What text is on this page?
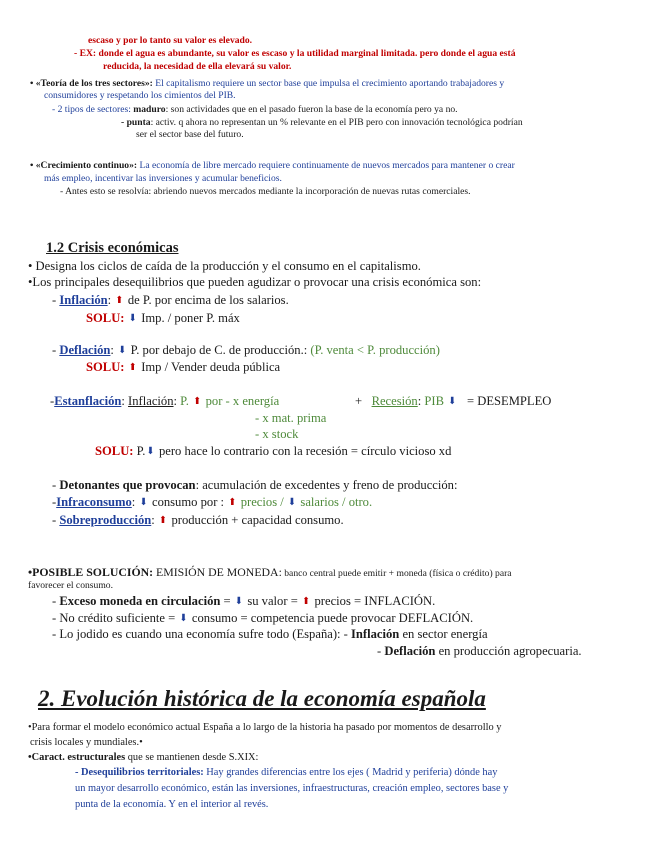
escaso y por lo tanto su valor es elevado.
- EX: donde el agua es abundante, su valor es escaso y la utilidad marginal limitada. pero donde el agua está
reducida, la necesidad de ella elevará su valor.
• «Teoría de los tres sectores»: El capitalismo requiere un sector base que impulsa el crecimiento aportando trabajadores y
consumidores y respetando los cimientos del PIB.
- 2 tipos de sectores: maduro: son actividades que en el pasado fueron la base de la economía pero ya no.
- punta: activ. q ahora no representan un % relevante en el PIB pero con innovación tecnológica podrían
ser el sector base del futuro.
• «Crecimiento continuo»: La economía de libre mercado requiere continuamente de nuevos mercados para mantener o crear
más empleo, incentivar las inversiones y acumular beneficios.
- Antes esto se resolvía: abriendo nuevos mercados mediante la incorporación de nuevas rutas comerciales.
1.2 Crisis económicas
• Designa los ciclos de caída de la producción y el consumo en el capitalismo.
•Los principales desequilibrios que pueden agudizar o provocar una crisis económica son:
- Inflación: ⬆ de P. por encima de los salarios.
SOLU: ⬇ Imp. / poner P. máx
- Deflación: ⬇ P. por debajo de C. de producción.: (P. venta < P. producción)
SOLU: ⬆ Imp / Vender deuda pública
-Estanflación: Inflación: P. ⬆ por - x energía	+ Recesión: PIB ⬇ = DESEMPLEO
- x mat. prima
- x stock
SOLU: P.⬇ pero hace lo contrario con la recesión = círculo vicioso xd
- Detonantes que provocan: acumulación de excedentes y freno de producción:
-Infraconsumo: ⬇ consumo por : ⬆ precios / ⬇ salarios / otro.
- Sobreproducción: ⬆ producción + capacidad consumo.
•POSIBLE SOLUCIÓN: EMISIÓN DE MONEDA: banco central puede emitir + moneda (física o crédito) para
favorecer el consumo.
- Exceso moneda en circulación = ⬇ su valor = ⬆ precios = INFLACIÓN.
- No crédito suficiente = ⬇ consumo = competencia puede provocar DEFLACIÓN.
- Lo jodido es cuando una economía sufre todo (España): - Inflación en sector energía
- Deflación en producción agropecuaria.
2. Evolución histórica de la economía española
•Para formar el modelo económico actual España a lo largo de la historia ha pasado por momentos de desarrollo y
crisis locales y mundiales.•
•Caract. estructurales que se mantienen desde S.XIX:
- Desequilibrios territoriales: Hay grandes diferencias entre los ejes ( Madrid y periferia) dónde hay
un mayor desarrollo económico, están las inversiones, infraestructuras, creación empleo, sectores base y
punta de la economía. Y en el interior al revés.
